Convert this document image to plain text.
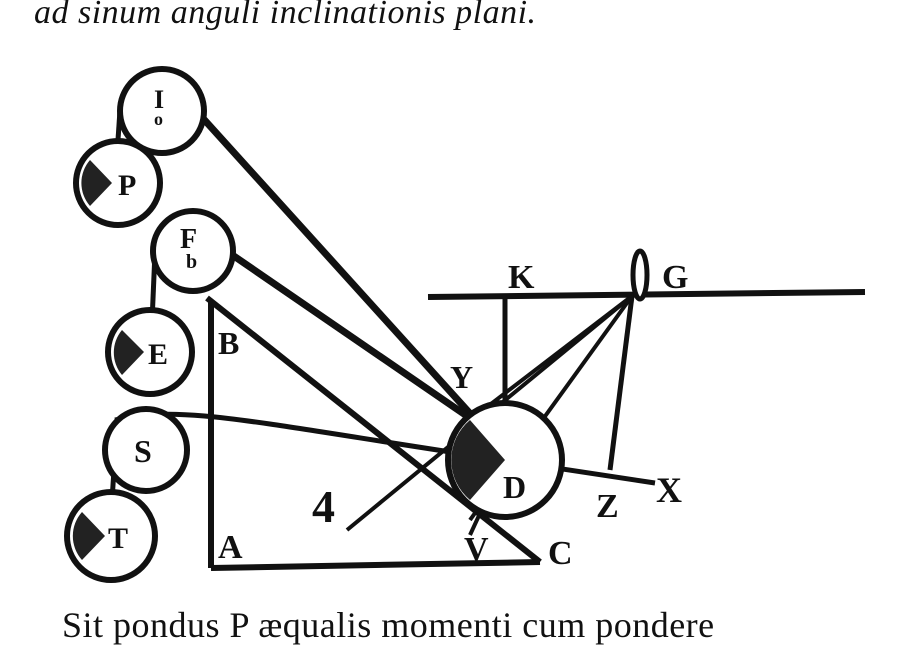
ad sinum anguli inclinationis plani.
I
o
P
F
b
E
S
T
B
A	V C
Y
D
K	G
Z X
4
Sit pondus P æqualis momenti cum pondere
